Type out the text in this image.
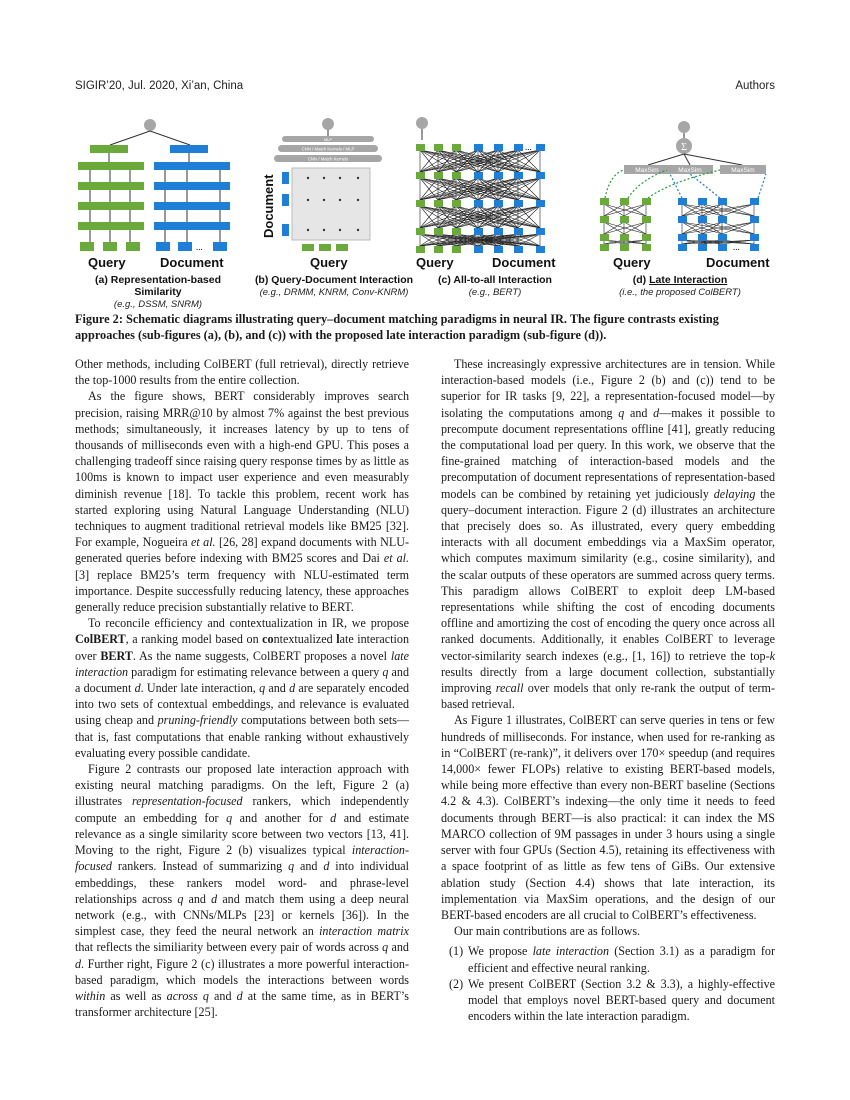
SIGIR’20, Jul. 2020, Xi’an, China	Authors
...
Query	Document
MLP
CNN / Match Kernels / MLP
CNN / Match Kernels
Document
Query	Query	Document
...	Σ
MaxSim	MaxSim	MaxSim
Query	Document
...
(a) Representation-based Similarity
(e.g., DSSM, SNRM)
(b) Query-Document Interaction
(e.g., DRMM, KNRM, Conv-KNRM)
(c) All-to-all Interaction
(e.g., BERT)
(d) Late Interaction
(i.e., the proposed ColBERT)
Figure 2: Schematic diagrams illustrating query–document matching paradigms in neural IR. The figure contrasts existing approaches (sub-figures (a), (b), and (c)) with the proposed late interaction paradigm (sub-figure (d)).

Other methods, including ColBERT (full retrieval), directly retrieve the top-1000 results from the entire collection.

As the figure shows, BERT considerably improves search precision, raising MRR@10 by almost 7% against the best previous methods; simultaneously, it increases latency by up to tens of thousands of milliseconds even with a high-end GPU. This poses a challenging tradeoff since raising query response times by as little as 100ms is known to impact user experience and even measurably diminish revenue [18]. To tackle this problem, recent work has started exploring using Natural Language Understanding (NLU) techniques to augment traditional retrieval models like BM25 [32]. For example, Nogueira et al. [26, 28] expand documents with NLU-generated queries before indexing with BM25 scores and Dai et al. [3] replace BM25’s term frequency with NLU-estimated term importance. Despite successfully reducing latency, these approaches generally reduce precision substantially relative to BERT.

To reconcile efficiency and contextualization in IR, we propose ColBERT, a ranking model based on contextualized late interaction over BERT. As the name suggests, ColBERT proposes a novel late interaction paradigm for estimating relevance between a query q and a document d. Under late interaction, q and d are separately encoded into two sets of contextual embeddings, and relevance is evaluated using cheap and pruning-friendly computations between both sets—that is, fast computations that enable ranking without exhaustively evaluating every possible candidate.

Figure 2 contrasts our proposed late interaction approach with existing neural matching paradigms. On the left, Figure 2 (a) illustrates representation-focused rankers, which independently compute an embedding for q and another for d and estimate relevance as a single similarity score between two vectors [13, 41]. Moving to the right, Figure 2 (b) visualizes typical interaction-focused rankers. Instead of summarizing q and d into individual embeddings, these rankers model word- and phrase-level relationships across q and d and match them using a deep neural network (e.g., with CNNs/MLPs [23] or kernels [36]). In the simplest case, they feed the neural network an interaction matrix that reflects the similiarity between every pair of words across q and d. Further right, Figure 2 (c) illustrates a more powerful interaction-based paradigm, which models the interactions between words within as well as across q and d at the same time, as in BERT’s transformer architecture [25].

These increasingly expressive architectures are in tension. While interaction-based models (i.e., Figure 2 (b) and (c)) tend to be superior for IR tasks [9, 22], a representation-focused model—by isolating the computations among q and d—makes it possible to precompute document representations offline [41], greatly reducing the computational load per query. In this work, we observe that the fine-grained matching of interaction-based models and the precomputation of document representations of representation-based models can be combined by retaining yet judiciously delaying the query–document interaction. Figure 2 (d) illustrates an architecture that precisely does so. As illustrated, every query embedding interacts with all document embeddings via a MaxSim operator, which computes maximum similarity (e.g., cosine similarity), and the scalar outputs of these operators are summed across query terms. This paradigm allows ColBERT to exploit deep LM-based representations while shifting the cost of encoding documents offline and amortizing the cost of encoding the query once across all ranked documents. Additionally, it enables ColBERT to leverage vector-similarity search indexes (e.g., [1, 16]) to retrieve the top-k results directly from a large document collection, substantially improving recall over models that only re-rank the output of term-based retrieval.

As Figure 1 illustrates, ColBERT can serve queries in tens or few hundreds of milliseconds. For instance, when used for re-ranking as in “ColBERT (re-rank)”, it delivers over 170× speedup (and requires 14,000× fewer FLOPs) relative to existing BERT-based models, while being more effective than every non-BERT baseline (Sections 4.2 & 4.3). ColBERT’s indexing—the only time it needs to feed documents through BERT—is also practical: it can index the MS MARCO collection of 9M passages in under 3 hours using a single server with four GPUs (Section 4.5), retaining its effectiveness with a space footprint of as little as few tens of GiBs. Our extensive ablation study (Section 4.4) shows that late interaction, its implementation via MaxSim operations, and the design of our BERT-based encoders are all crucial to ColBERT’s effectiveness.

Our main contributions are as follows.

(1) We propose late interaction (Section 3.1) as a paradigm for efficient and effective neural ranking.
(2) We present ColBERT (Section 3.2 & 3.3), a highly-effective model that employs novel BERT-based query and document encoders within the late interaction paradigm.
